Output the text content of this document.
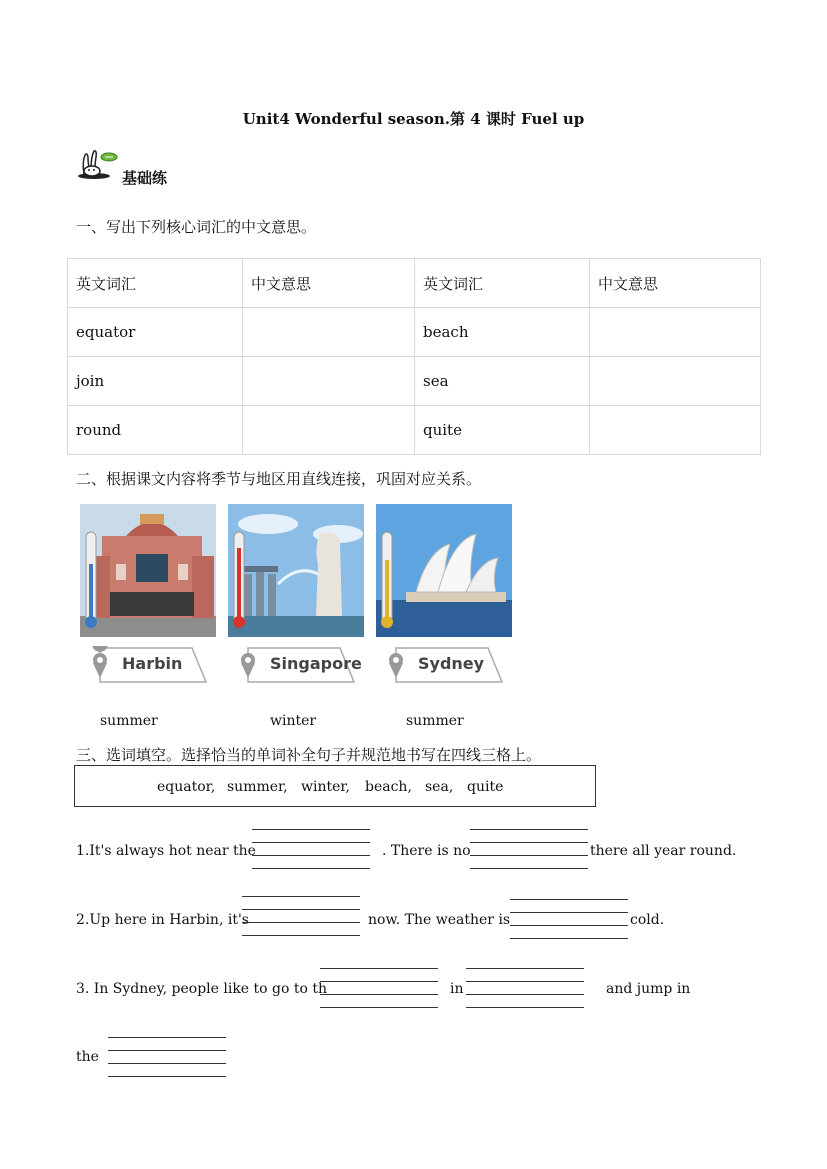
Unit4 Wonderful season.第 4 课时 Fuel up
基础练
一、写出下列核心词汇的中文意思。
英文词汇	中文意思	英文词汇	中文意思
equator		beach	
join		sea	
round		quite	
二、根据课文内容将季节与地区用直线连接，巩固对应关系。
Harbin	Singapore	Sydney
summer	winter	summer
三、选词填空。选择恰当的单词补全句子并规范地书写在四线三格上。
equator, summer, winter, beach, sea, quite
1.It's always hot near the	. There is no	there all year round.
2.Up here in Harbin, it's	now. The weather is	cold.
3. In Sydney, people like to go to th	in	and jump in
the
